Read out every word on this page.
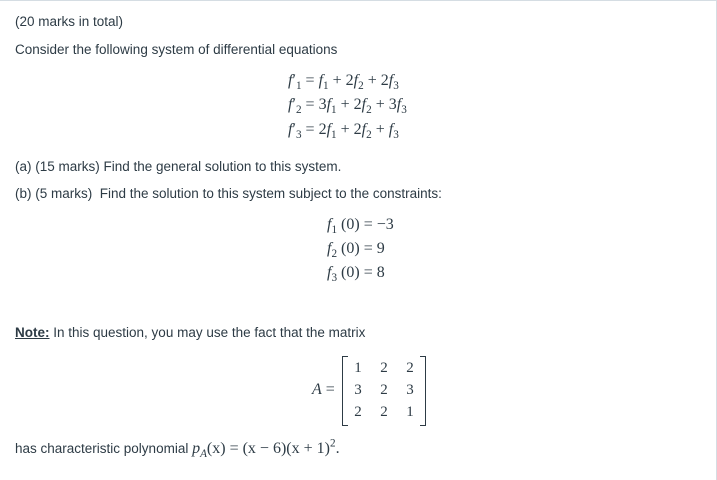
(20 marks in total)

Consider the following system of differential equations

$f'_1 = f_1 + 2f_2 + 2f_3$
$f'_2 = 3f_1 + 2f_2 + 3f_3$
$f'_3 = 2f_1 + 2f_2 + f_3$

(a) (15 marks) Find the general solution to this system.

(b) (5 marks)  Find the solution to this system subject to the constraints:

$f_1$ (0) = −3
$f_2$ (0) = 9
$f_3$ (0) = 8

Note: In this question, you may use the fact that the matrix

A =
1 2 2
3 2 3
2 2 1

has characteristic polynomial $p_A(x) = (x - 6)(x + 1)^2$.
